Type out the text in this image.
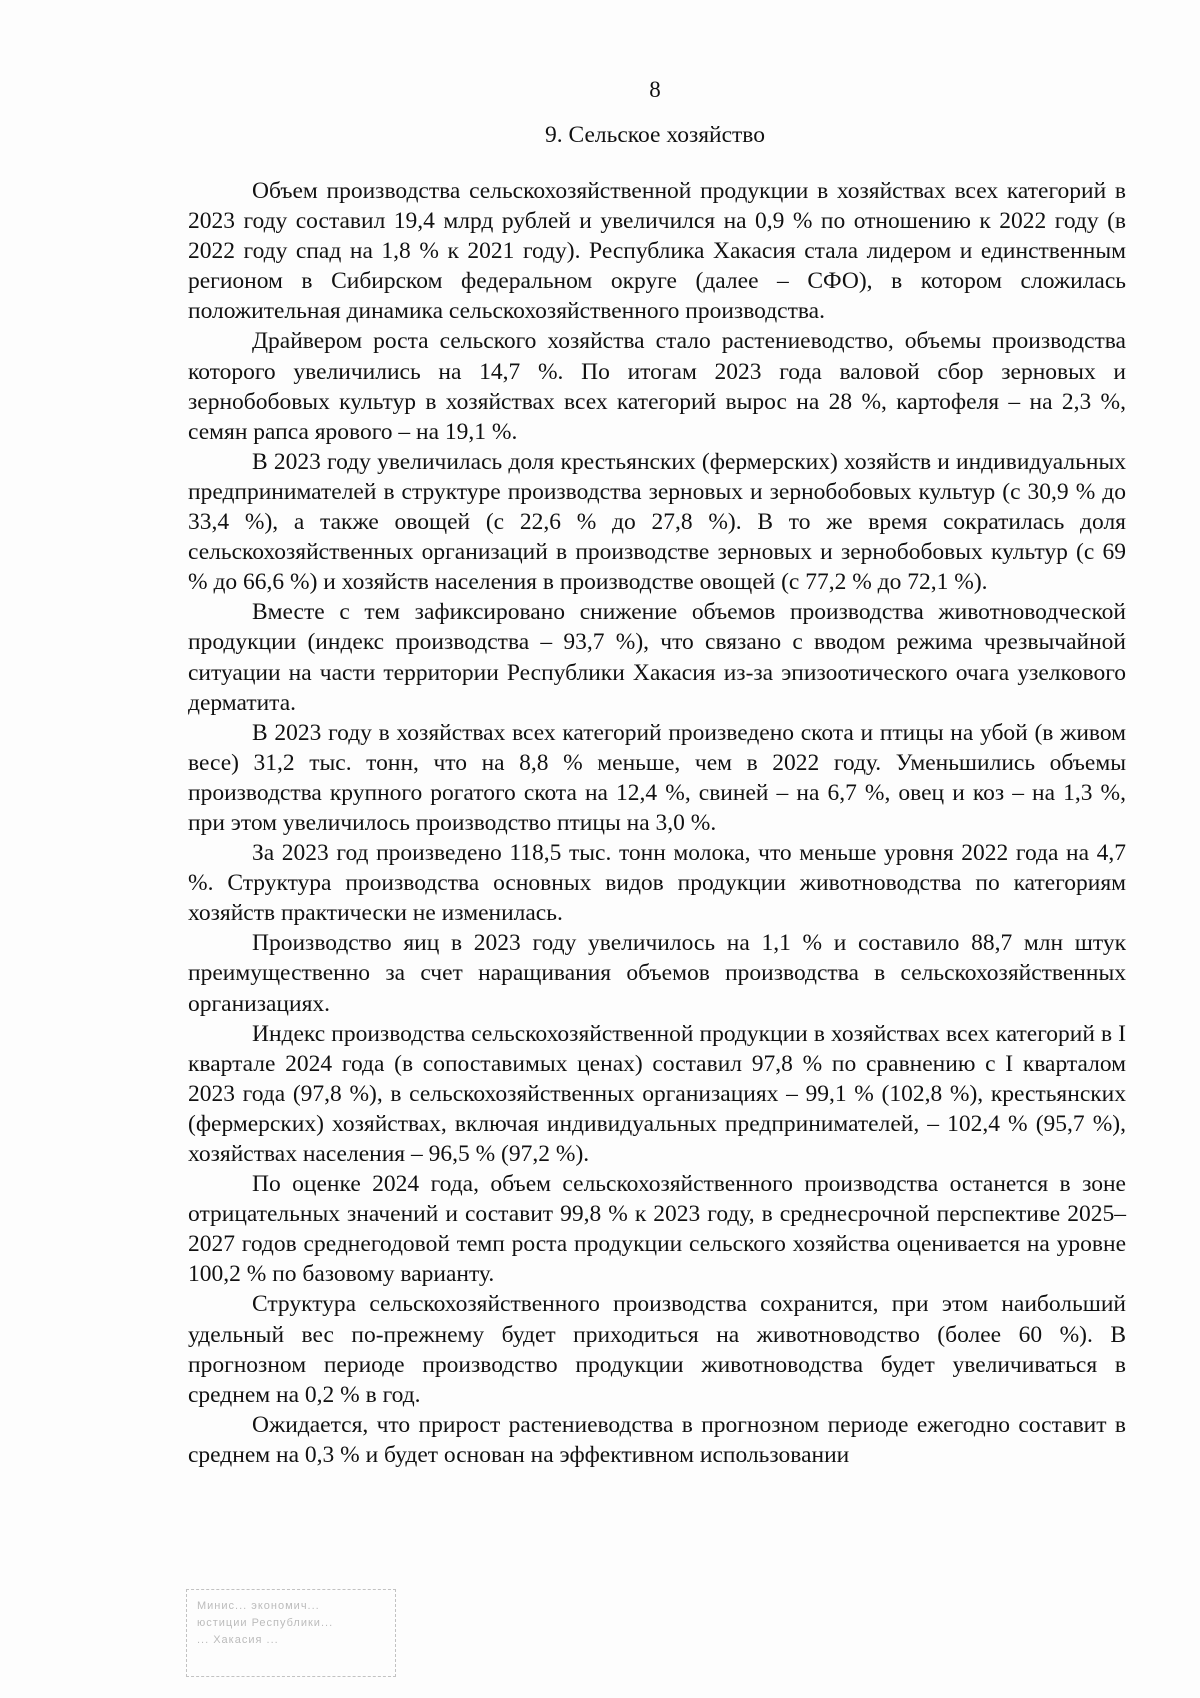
8
9. Сельское хозяйство

Объем производства сельскохозяйственной продукции в хозяйствах всех категорий в 2023 году составил 19,4 млрд рублей и увеличился на 0,9 % по отношению к 2022 году (в 2022 году спад на 1,8 % к 2021 году). Республика Хакасия стала лидером и единственным регионом в Сибирском федеральном округе (далее – СФО), в котором сложилась положительная динамика сельскохозяйственного производства.

Драйвером роста сельского хозяйства стало растениеводство, объемы производства которого увеличились на 14,7 %. По итогам 2023 года валовой сбор зерновых и зернобобовых культур в хозяйствах всех категорий вырос на 28 %, картофеля – на 2,3 %, семян рапса ярового – на 19,1 %.

В 2023 году увеличилась доля крестьянских (фермерских) хозяйств и индивидуальных предпринимателей в структуре производства зерновых и зернобобовых культур (с 30,9 % до 33,4 %), а также овощей (с 22,6 % до 27,8 %). В то же время сократилась доля сельскохозяйственных организаций в производстве зерновых и зернобобовых культур (с 69 % до 66,6 %) и хозяйств населения в производстве овощей (с 77,2 % до 72,1 %).

Вместе с тем зафиксировано снижение объемов производства животноводческой продукции (индекс производства – 93,7 %), что связано с вводом режима чрезвычайной ситуации на части территории Республики Хакасия из-за эпизоотического очага узелкового дерматита.

В 2023 году в хозяйствах всех категорий произведено скота и птицы на убой (в живом весе) 31,2 тыс. тонн, что на 8,8 % меньше, чем в 2022 году. Уменьшились объемы производства крупного рогатого скота на 12,4 %, свиней – на 6,7 %, овец и коз – на 1,3 %, при этом увеличилось производство птицы на 3,0 %.

За 2023 год произведено 118,5 тыс. тонн молока, что меньше уровня 2022 года на 4,7 %. Структура производства основных видов продукции животноводства по категориям хозяйств практически не изменилась.

Производство яиц в 2023 году увеличилось на 1,1 % и составило 88,7 млн штук преимущественно за счет наращивания объемов производства в сельскохозяйственных организациях.

Индекс производства сельскохозяйственной продукции в хозяйствах всех категорий в I квартале 2024 года (в сопоставимых ценах) составил 97,8 % по сравнению с I кварталом 2023 года (97,8 %), в сельскохозяйственных организациях – 99,1 % (102,8 %), крестьянских (фермерских) хозяйствах, включая индивидуальных предпринимателей, – 102,4 % (95,7 %), хозяйствах населения – 96,5 % (97,2 %).

По оценке 2024 года, объем сельскохозяйственного производства останется в зоне отрицательных значений и составит 99,8 % к 2023 году, в среднесрочной перспективе 2025–2027 годов среднегодовой темп роста продукции сельского хозяйства оценивается на уровне 100,2 % по базовому варианту.

Структура сельскохозяйственного производства сохранится, при этом наибольший удельный вес по-прежнему будет приходиться на животноводство (более 60 %). В прогнозном периоде производство продукции животноводства будет увеличиваться в среднем на 0,2 % в год.

Ожидается, что прирост растениеводства в прогнозном периоде ежегодно составит в среднем на 0,3 % и будет основан на эффективном использовании

Минис... экономич...
юстиции Республики...
... Хакасия ...
